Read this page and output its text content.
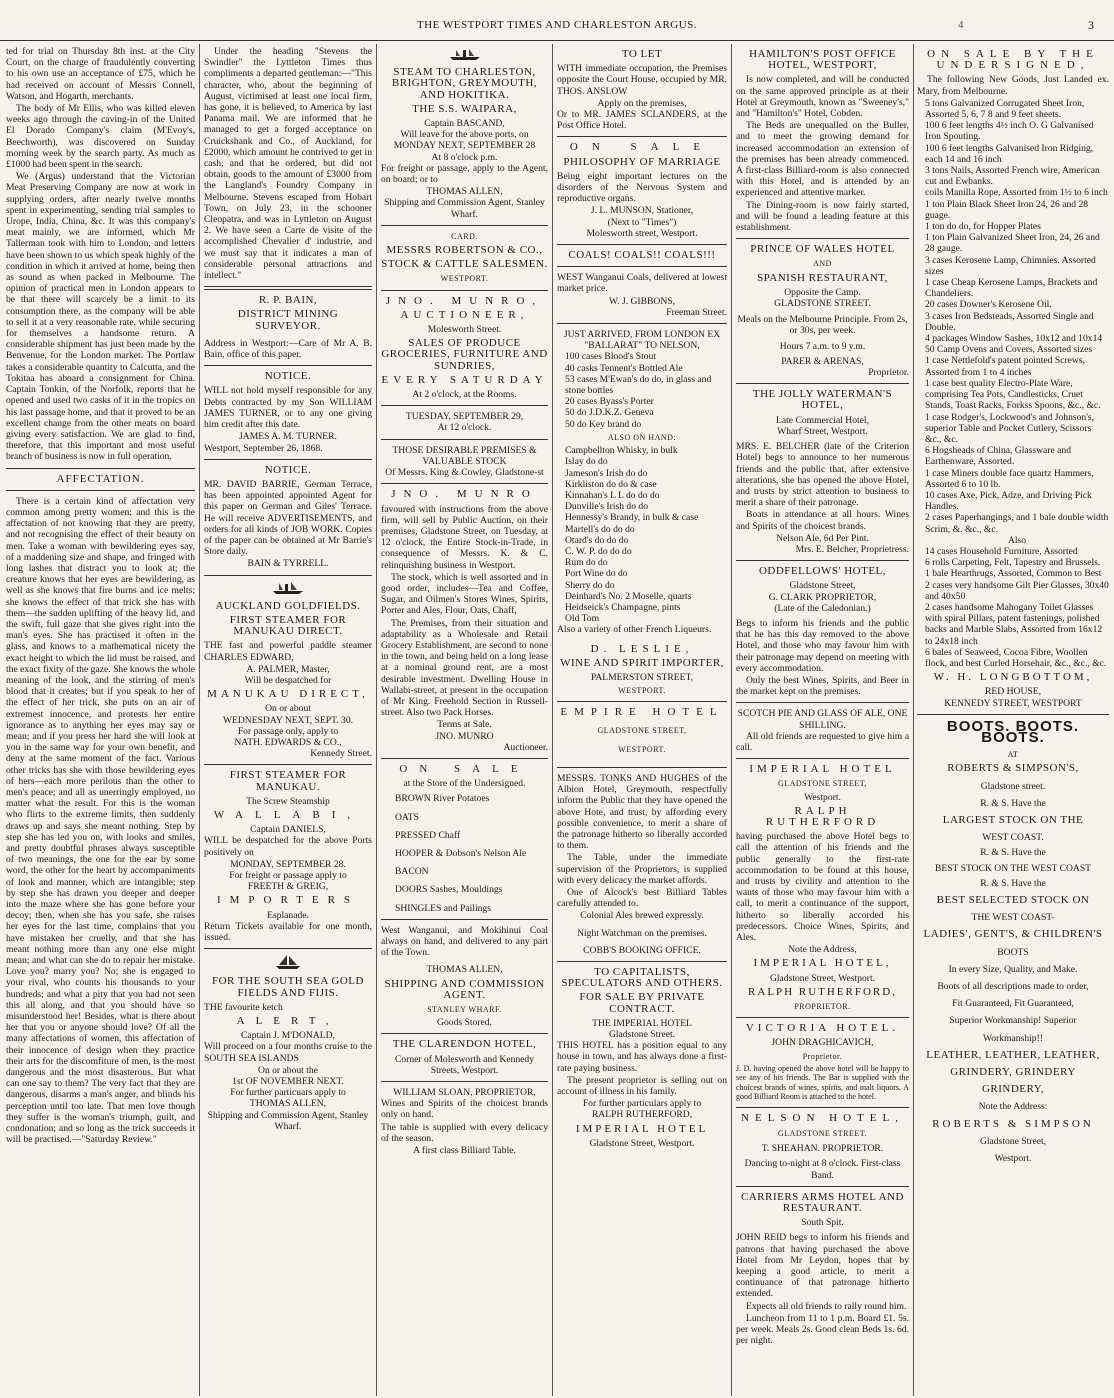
THE WESTPORT TIMES AND CHARLESTON ARGUS.	4	3

ted for trial on Thursday 8th inst. at the City Court, on the charge of fraudulently converting to his own use an acceptance of £75, which he had received on account of Messrs Connell, Watson, and Hogarth, merchants.

The body of Mr Ellis, who was killed eleven weeks ago through the caving-in of the United El Dorado Company's claim (M'Evoy's, Beechworth), was discovered on Sunday morning week by the search party. As much as £1000 had been spent in the search.

We (Argus) understand that the Victorian Meat Preserving Company are now at work in supplying orders, after nearly twelve months spent in experimenting, sending trial samples to Urope, India, China, &c. It was this company's meat mainly, we are informed, which Mr Tallerman took with him to London, and letters have been shown to us which speak highly of the condition in which it arrived at home, being then as sound as when packed in Melbourne. The opinion of practical men in London appears to be that there will scarcely be a limit to its consumption there, as the company will be able to sell it at a very reasonable rate, while securing for themselves a handsome return. A considerable shipment has just been made by the Benvenue, for the London market. The Portlaw takes a considerable quantity to Calcutta, and the Tokitaa has aboard a consignment for China. Captain Tonkin, of the Norfolk, reports that he opened and used two casks of it in the tropics on his last passage home, and that it proved to be an excellent change from the other meats on board giving every satisfaction. We are glad to find, therefore, that this important and most useful branch of business is now in full operation.

AFFECTATION.

There is a certain kind of affectation very common among pretty women; and this is the affectation of not knowing that they are pretty, and not recognising the effect of their beauty on men. Take a woman with bewildering eyes say, of a maddening size and shape, and fringed with long lashes that distract you to look at; the creature knows that her eyes are bewildering, as well as she knows that fire burns and ice melts; she knows the effect of that trick she has with them—the sudden uplifting of the heavy lid, and the swift, full gaze that she gives right into the man's eyes. She has practised it often in the glass, and knows to a mathematical nicety the exact height to which the lid must be raised, and the exact fixity of the gaze. She knows the whole meaning of the look, and the stirring of men's blood that it creates; but if you speak to her of the effect of her trick, she puts on an air of extremest innocence, and protests her entire ignorance as to anything her eyes may say or mean; and if you press her hard she will look at you in the same way for your own benefit, and deny at the same moment of the fact. Various other tricks has she with those bewildering eyes of hers—each more perilous than the other to men's peace; and all as unerringly employed, no matter what the result. For this is the woman who flirts to the extreme limits, then suddenly draws up and says she meant nothing. Step by step she has led you on, with looks and smiles, and pretty doubtful phrases always susceptible of two meanings, the one for the ear by some word, the other for the heart by accompaniments of look and manner, which are intangible; step by step she has drawn you deeper and deeper into the maze where she has gone before your decoy; then, when she has you safe, she raises her eyes for the last time, complains that you have mistaken her cruelly, and that she has meant nothing more than any one else might mean; and what can she do to repair her mistake. Love you? marry you? No; she is engaged to your rival, who counts his thousands to your hundreds; and what a pity that you had not seen this all along, and that you should have so misunderstood her! Besides, what is there about her that you or anyone should love? Of all the many affectations of women, this affectation of their innocence of design when they practice their arts for the discomfiture of men, is the most dangerous and the most disasterous. But what can one say to them? The very fact that they are dangerous, disarms a man's anger, and blinds his perception until too late. That men love though they suffer is the woman's triumph, guilt, and condonation; and so long as the trick succeeds it will be practised.—"Saturday Review."

Under the heading "Stevens the Swindler" the Lyttleton Times thus compliments a departed gentleman:—"This character, who, about the beginning of August, victimised at least one local firm, has gone, it is believed, to America by last Panama mail. We are informed that he managed to get a forged acceptance on Cruickshank and Co., of Auckland, for £2000, which amount he contrived to get in cash; and that he ordered, but did not obtain, goods to the amount of £3000 from the Langland's Foundry Company in Melbourne. Stevens escaped from Hobart Town, on July 23, in the schooner Cleopatra, and was in Lyttleton on August 2. We have seen a Carte de visite of the accomplished Chevalier d' industrie, and we must say that it indicates a man of considerable personal attractions and intellect."

R. P. BAIN,
DISTRICT MINING SURVEYOR.

Address in Westport:—Care of Mr A. B. Bain, office of this paper.

NOTICE.

WILL not hold myself responsible for any Debts contracted by my Son WILLIAM JAMES TURNER, or to any one giving him credit after this date.

JAMES A. M. TURNER.
Westport, September 26, 1868.
NOTICE.

MR. DAVID BARRIE, German Terrace, has been appointed appointed Agent for this paper on German and Giles' Terrace. He will receive ADVERTISEMENTS, and orders for all kinds of JOB WORK. Copies of the paper can be obtained at Mr Barrie's Store daily.

BAIN & TYRRELL.
AUCKLAND GOLDFIELDS.
FIRST STEAMER FOR MANUKAU DIRECT.

THE fast and powerful paddle steamer CHARLES EDWARD,

A. PALMER, Master,
Will be despatched for
MANUKAU DIRECT,
On or about
WEDNESDAY NEXT, SEPT. 30.
For passage only, apply to
NATH. EDWARDS & CO.,
Kennedy Street.
FIRST STEAMER FOR MANUKAU.
The Screw Steamship
WALLABI,
Captain DANIELS,

WILL be despatched for the above Ports positively on

MONDAY, SEPTEMBER 28.
For freight or passage apply to
FREETH & GREIG,
IMPORTERS
Esplanade.

Return Tickets available for one month, issued.

FOR THE SOUTH SEA GOLD FIELDS AND FIJIS.

THE favourite ketch

ALERT,
Captain J. M'DONALD,

Will proceed on a four months cruise to the SOUTH SEA ISLANDS

On or about the
1st OF NOVEMBER NEXT.
For further particuars apply to
THOMAS ALLEN,
Shipping and Commission Agent, Stanley Wharf.
STEAM TO CHARLESTON, BRIGHTON, GREYMOUTH, AND HOKITIKA.
THE S.S. WAIPARA,
Captain BASCAND,
Will leave for the above ports, on
MONDAY NEXT, SEPTEMBER 28
At 8 o'clock p.m.

For freight or passage, apply to the Agent, on board; or to

THOMAS ALLEN,
Shipping and Commission Agent, Stanley Wharf.
CARD.
MESSRS ROBERTSON & CO.,
STOCK & CATTLE SALESMEN.
WESTPORT.
JNO. MUNRO,
AUCTIONEER,
Molesworth Street.
SALES OF PRODUCE GROCERIES, FURNITURE AND SUNDRIES,
EVERY SATURDAY
At 2 o'clock, at the Rooms.
TUESDAY, SEPTEMBER 29,
At 12 o'clock.
THOSE DESIRABLE PREMISES & VALUABLE STOCK
Of Messrs. King & Cowley, Gladstone-st
JNO. MUNRO

favoured with instructions from the above firm, will sell by Public Auction, on their premises, Gladstone Street, on Tuesday, at 12 o'clock, the Entire Stock-in-Trade, in consequence of Messrs. K. & C. relinquishing business in Westport.

The stock, which is well assorted and in good order, includes—Tea and Coffee, Sugar, and Oilmen's Stores Wines, Spirits, Porter and Ales, Flour, Oats, Chaff,

The Premises, from their situation and adaptability as a Wholesale and Retail Grocery Establishment, are second to none in the town, and being held on a long lease at a nominal ground rent, are a most desirable investment. Dwelling House in Wallabi-street, at present in the occupation of Mr King. Freehold Section in Russell-street. Also two Pack Horses.

Terms at Sale.
JNO. MUNRO
Auctioneer.
ON SALE
at the Store of the Undersigned.
BROWN River Potatoes
OATS
PRESSED Chaff
HOOPER & Dobson's Nelson Ale
BACON
DOORS Sashes, Mouldings
SHINGLES and Pailings

West Wanganui, and Mokihinui Coal always on hand, and delivered to any part of the Town.

THOMAS ALLEN,
SHIPPING AND COMMISSION AGENT.
STANLEY WHARF.
Goods Stored.
THE CLARENDON HOTEL,
Corner of Molesworth and Kennedy Streets, Westport.
WILLIAM SLOAN, PROPRIETOR,

Wines and Spirits of the choicest brands only on hand.

The table is supplied with every delicacy of the season.

A first class Billiard Table.
TO LET

WITH immediate occupation, the Premises opposite the Court House, occupied by MR. THOS. ANSLOW

Apply on the premises,

Or to MR. JAMES SCLANDERS, at the Post Office Hotel.

ON SALE
PHILOSOPHY OF MARRIAGE

Being eight important lectures on the disorders of the Nervous System and reproductive organs.

J. L. MUNSON, Stationer,
(Next to "Times")
Molesworth street, Westport.
COALS! COALS!! COALS!!!

WEST Wanganui Coals, delivered at lowest market price.

W. J. GIBBONS,
Freeman Street.
JUST ARRIVED, FROM LONDON EX "BALLARAT" TO NELSON,
100 cases Blood's Stout
40 casks Tennent's Bottled Ale
53 cases M'Ewan's do do, in glass and stone bottles
20 cases Byass's Porter
50 do J.D.K.Z. Geneva
50 do Key brand do
ALSO ON HAND:
Campbellton Whisky, in bulk
Islay do do
Jameson's Irish do do
Kirkliston do do & case
Kinnahan's L L do do do
Dunville's Irish do do
Hennessy's Brandy, in bulk & case
Martell's do do do
Otard's do do do
C. W. P. do do do
Rum do do
Port Wine do do
Sherry do do
Deinhard's No. 2 Moselle, quarts
Heidseick's Champagne, pints
Old Tom

Also a variety of other French Liqueurs.

D. LESLIE,
WINE AND SPIRIT IMPORTER,
PALMERSTON STREET,
WESTPORT.
EMPIRE HOTEL
GLADSTONE STREET,
WESTPORT.

MESSRS. TONKS AND HUGHES of the Albion Hotel, Greymouth, respectfully inform the Public that they have opened the above Hote, and trust, by affording every possible convenience, to merit a share of the patronage hitherto so liberally accorded to them.

The Table, under the immediate supervision of the Proprietors, is supplied with every delicacy the market affords.

One of Alcock's best Billiard Tables carefully attended to.

Colonial Ales brewed expressly.
Night Watchman on the premises.
COBB'S BOOKING OFFICE.
TO CAPITALISTS, SPECULATORS AND OTHERS.
FOR SALE BY PRIVATE CONTRACT.
THE IMPERIAL HOTEL
Gladstone Street.

THIS HOTEL has a position equal to any house in town, and has always done a first-rate paying business.

The present proprietor is selling out on account of illness in his family.

For further particulars apply to
RALPH RUTHERFORD,
IMPERIAL HOTEL
Gladstone Street, Westport.
HAMILTON'S POST OFFICE HOTEL, WESTPORT,

Is now completed, and will be conducted on the same approved principle as at their Hotel at Greymouth, known as "Sweeney's," and "Hamilton's" Hotel, Cobden.

The Beds are unequalled on the Buller, and to meet the growing demand for increased accommodation an extension of the premises has been already commenced. A first-class Billiard-room is also connected with this Hotel, and is attended by an experienced and attentive marker.

The Dining-room is now fairly started, and will be found a leading feature at this establishment.

PRINCE OF WALES HOTEL
AND
SPANISH RESTAURANT,
Opposite the Camp.
GLADSTONE STREET.
Meals on the Melbourne Principle. From 2s, or 30s, per week.
Hours 7 a.m. to 9 y.m.
PARER & ARENAS,
Proprietor.
THE JOLLY WATERMAN'S HOTEL,
Late Commercial Hotel,
Wharf Street, Westport.

MRS. E. BELCHER (late of the Criterion Hotel) begs to announce to her numerous friends and the public that, after extensive alterations, she has opened the above Hotel, and trusts by strict attention to business to merit a share of their patronage.

Boats in attendance at all hours. Wines and Spirits of the choicest brands.

Nelson Ale, 6d Per Pint.
Mrs. E. Belcher, Proprietress.
ODDFELLOWS' HOTEL,
Gladstone Street,
G. CLARK PROPRIETOR,
(Late of the Caledonian.)

Begs to inform his friends and the public that he has this day removed to the above Hotel, and those who may favour him with their patronage may depend on meeting with every accommodation.

Only the best Wines, Spirits, and Beer in the market kept on the premises.

SCOTCH PIE AND GLASS OF ALE, ONE SHILLING.

All old friends are requested to give him a call.

IMPERIAL HOTEL
GLADSTONE STREET,
Westport.
RALPH RUTHERFORD

having purchased the above Hotel begs to call the attention of his friends and the public generally to the first-rate accommodation to be found at this house, and trusts by civility and attention to the wants of those who may favour him with a call, to merit a continuance of the support, hitherto so liberally accorded his predecessors. Choice Wines, Spirits, and Ales.

Note the Address,
IMPERIAL HOTEL,
Gladstone Street, Westport.
RALPH RUTHERFORD,
PROPRIETOR.
VICTORIA HOTEL.
JOHN DRAGHICAVICH,
Proprietor.

J. D. having opened the above hotel will be happy to see any of his friends. The Bar is supplied with the choicest brands of wines, spirits, and malt liquors. A good Billiard Room is attached to the hotel.

NELSON HOTEL,
GLADSTONE STREET.
T. SHEAHAN. PROPRIETOR.
Dancing to-night at 8 o'clock. First-class Band.
CARRIERS ARMS HOTEL AND RESTAURANT.
South Spit.

JOHN REID begs to inform his friends and patrons that having purchased the above Hotel from Mr Leydon, hopes that by keeping a good article, to merit a continuance of that patronage hitherto extended.

Expects all old friends to rally round him.

Luncheon from 11 to 1 p.m. Board £1. 5s. per week. Meals 2s. Good clean Beds 1s. 6d. per night.

ON SALE BY THE UNDERSIGNED,

The following New Goods, Just Landed ex. Mary, from Melbourne.

5 tons Galvanized Corrugated Sheet Iron, Assorted 5, 6, 7 8 and 9 feet sheets.
100 6 feet lengths 4½ inch O. G Galvanised Iron Spouting.
100 6 feet lengths Galvanised Iron Ridging, each 14 and 16 inch
3 tons Nails, Assorted French wire, American cut and Ewbanks.
coils Manilla Rope, Assorted from 1½ to 6 inch
1 ton Plain Black Sheet Iron 24, 26 and 28 guage.
1 ton do do, for Hopper Plates
1 ton Plain Galvanized Sheet Iron, 24, 26 and 28 gauge.
3 cases Kerosene Lamp, Chimnies. Assorted sizes
1 case Cheap Kerosene Lamps, Brackets and Chandeliers.
20 cases Downer's Kerosene Oil.
3 cases Iron Bedsteads, Assorted Single and Double.
4 packages Window Sashes, 10x12 and 10x14
50 Camp Ovens and Covers, Assorted sizes
1 case Nettlefold's patent pointed Screws, Assorted from 1 to 4 inches
1 case best quality Electro-Plate Ware, comprising Tea Pots, Candlesticks, Cruet Stands, Toast Racks, Forkss Spoons, &c., &c.
1 case Rodger's, Lockwood's and Johnson's, superior Table and Pocket Cutlery, Scissors &c., &c.
6 Hogsheads of China, Glassware and Earthenware, Assorted.
1 case Miners double face quartz Hammers, Assorted 6 to 10 lb.
10 cases Axe, Pick, Adze, and Driving Pick Handles.
2 cases Paperhangings, and 1 bale double width Scrim, &. &c., &c.
Also
14 cases Household Furniture, Assorted
6 rolls Carpeting, Felt, Tapestry and Brussels.
1 bale Hearthrugs, Assorted, Common to Best
2 cases very handsome Gilt Pier Glasses, 30x40 and 40x50
2 cases handsome Mahogany Toilet Glasses with spiral Pillars, patent fastenings, polished backs and Marble Slabs, Assorted from 16x12 to 24x18 inch
6 bales of Seaweed, Cocoa Fibre, Woollen flock, and best Curled Horsehair, &c., &c., &c.
W. H. LONGBOTTOM,
RED HOUSE,
KENNEDY STREET, WESTPORT
BOOTS. BOOTS. BOOTS.
AT
ROBERTS & SIMPSON'S,
Gladstone street.
R. & S. Have the
LARGEST STOCK ON THE
WEST COAST.
R. & S. Have the
BEST STOCK ON THE WEST COAST
R. & S. Have the
BEST SELECTED STOCK ON
THE WEST COAST-
LADIES', GENT'S, & CHILDREN'S
BOOTS
In every Size, Quality, and Make.
Boots of all descriptions made to order,
Fit Guaranteed, Fit Guaranteed,
Superior Workmanship! Superior
Workmanship!!
LEATHER, LEATHER, LEATHER,
GRINDERY, GRINDERY
GRINDERY,
Note the Address:
ROBERTS & SIMPSON
Gladstone Street,
Westport.
